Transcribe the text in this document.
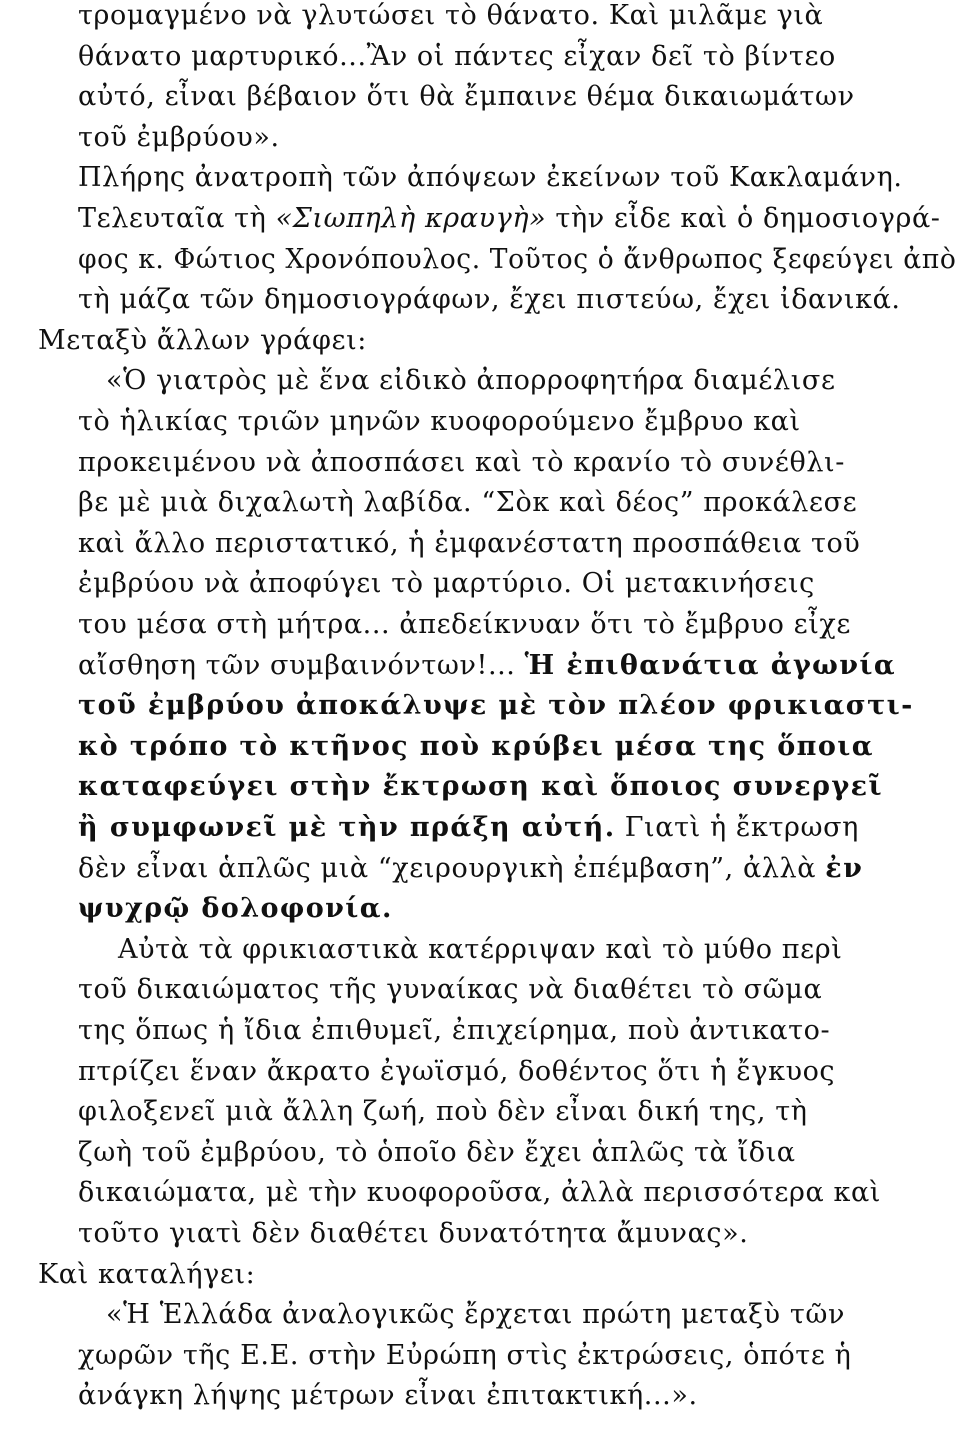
τρομαγμένο νὰ γλυτώσει τὸ θάνατο. Καὶ μιλᾶμε γιὰ
θάνατο μαρτυρικό...Ἂν οἱ πάντες εἶχαν δεῖ τὸ βίντεο
αὐτό, εἶναι βέβαιον ὅτι θὰ ἔμπαινε θέμα δικαιωμάτων
τοῦ ἐμβρύου».
Πλήρης ἀνατροπὴ τῶν ἀπόψεων ἐκείνων τοῦ Κακλαμάνη.
Τελευταῖα τὴ «Σιωπηλὴ κραυγὴ» τὴν εἶδε καὶ ὁ δημοσιογρά-
φος κ. Φώτιος Χρονόπουλος. Τοῦτος ὁ ἄνθρωπος ξεφεύγει ἀπὸ
τὴ μάζα τῶν δημοσιογράφων, ἔχει πιστεύω, ἔχει ἰδανικά.
Μεταξὺ ἄλλων γράφει:
«Ὁ γιατρὸς μὲ ἕνα εἰδικὸ ἀπορροφητήρα διαμέλισε
τὸ ἡλικίας τριῶν μηνῶν κυοφορούμενο ἔμβρυο καὶ
προκειμένου νὰ ἀποσπάσει καὶ τὸ κρανίο τὸ συνέθλι-
βε μὲ μιὰ διχαλωτὴ λαβίδα. “Σὸκ καὶ δέος” προκάλεσε
καὶ ἄλλο περιστατικό, ἡ ἐμφανέστατη προσπάθεια τοῦ
ἐμβρύου νὰ ἀποφύγει τὸ μαρτύριο. Οἱ μετακινήσεις
του μέσα στὴ μήτρα... ἀπεδείκνυαν ὅτι τὸ ἔμβρυο εἶχε
αἴσθηση τῶν συμβαινόντων!... Ἡ ἐπιθανάτια ἀγωνία
τοῦ ἐμβρύου ἀποκάλυψε μὲ τὸν πλέον φρικιαστι-
κὸ τρόπο τὸ κτῆνος ποὺ κρύβει μέσα της ὅποια
καταφεύγει στὴν ἔκτρωση καὶ ὅποιος συνεργεῖ
ἢ συμφωνεῖ μὲ τὴν πράξη αὐτή. Γιατὶ ἡ ἔκτρωση
δὲν εἶναι ἁπλῶς μιὰ “χειρουργικὴ ἐπέμβαση”, ἀλλὰ ἐν
ψυχρῷ δολοφονία.
Αὐτὰ τὰ φρικιαστικὰ κατέρριψαν καὶ τὸ μύθο περὶ
τοῦ δικαιώματος τῆς γυναίκας νὰ διαθέτει τὸ σῶμα
της ὅπως ἡ ἴδια ἐπιθυμεῖ, ἐπιχείρημα, ποὺ ἀντικατο-
πτρίζει ἕναν ἄκρατο ἐγωϊσμό, δοθέντος ὅτι ἡ ἔγκυος
φιλοξενεῖ μιὰ ἄλλη ζωή, ποὺ δὲν εἶναι δική της, τὴ
ζωὴ τοῦ ἐμβρύου, τὸ ὁποῖο δὲν ἔχει ἁπλῶς τὰ ἴδια
δικαιώματα, μὲ τὴν κυοφοροῦσα, ἀλλὰ περισσότερα καὶ
τοῦτο γιατὶ δὲν διαθέτει δυνατότητα ἄμυνας».
Καὶ καταλήγει:
«Ἡ Ἑλλάδα ἀναλογικῶς ἔρχεται πρώτη μεταξὺ τῶν
χωρῶν τῆς Ε.Ε. στὴν Εὐρώπη στὶς ἐκτρώσεις, ὁπότε ἡ
ἀνάγκη λήψης μέτρων εἶναι ἐπιτακτική...».
